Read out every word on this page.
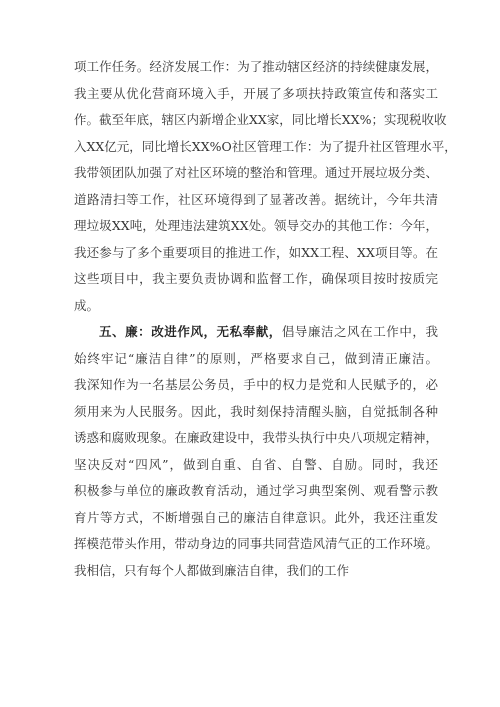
项工作任务。经济发展工作：为了推动辖区经济的持续健康发展，
我主要从优化营商环境入手，开展了多项扶持政策宣传和落实工
作。截至年底，辖区内新增企业XX家，同比增长XX%；实现税收收
入XX亿元，同比增长XX%O社区管理工作：为了提升社区管理水平，
我带领团队加强了对社区环境的整治和管理。通过开展垃圾分类、
道路清扫等工作，社区环境得到了显著改善。据统计，今年共清
理垃圾XX吨，处理违法建筑XX处。领导交办的其他工作：今年，
我还参与了多个重要项目的推进工作，如XX工程、XX项目等。在
这些项目中，我主要负责协调和监督工作，确保项目按时按质完
成。
五、廉：改进作风，无私奉献，倡导廉洁之风在工作中，我
始终牢记“廉洁自律”的原则，严格要求自己，做到清正廉洁。
我深知作为一名基层公务员，手中的权力是党和人民赋予的，必
须用来为人民服务。因此，我时刻保持清醒头脑，自觉抵制各种
诱惑和腐败现象。在廉政建设中，我带头执行中央八项规定精神，
坚决反对“四风”，做到自重、自省、自警、自励。同时，我还
积极参与单位的廉政教育活动，通过学习典型案例、观看警示教
育片等方式，不断增强自己的廉洁自律意识。此外，我还注重发
挥模范带头作用，带动身边的同事共同营造风清气正的工作环境。
我相信，只有每个人都做到廉洁自律，我们的工作
